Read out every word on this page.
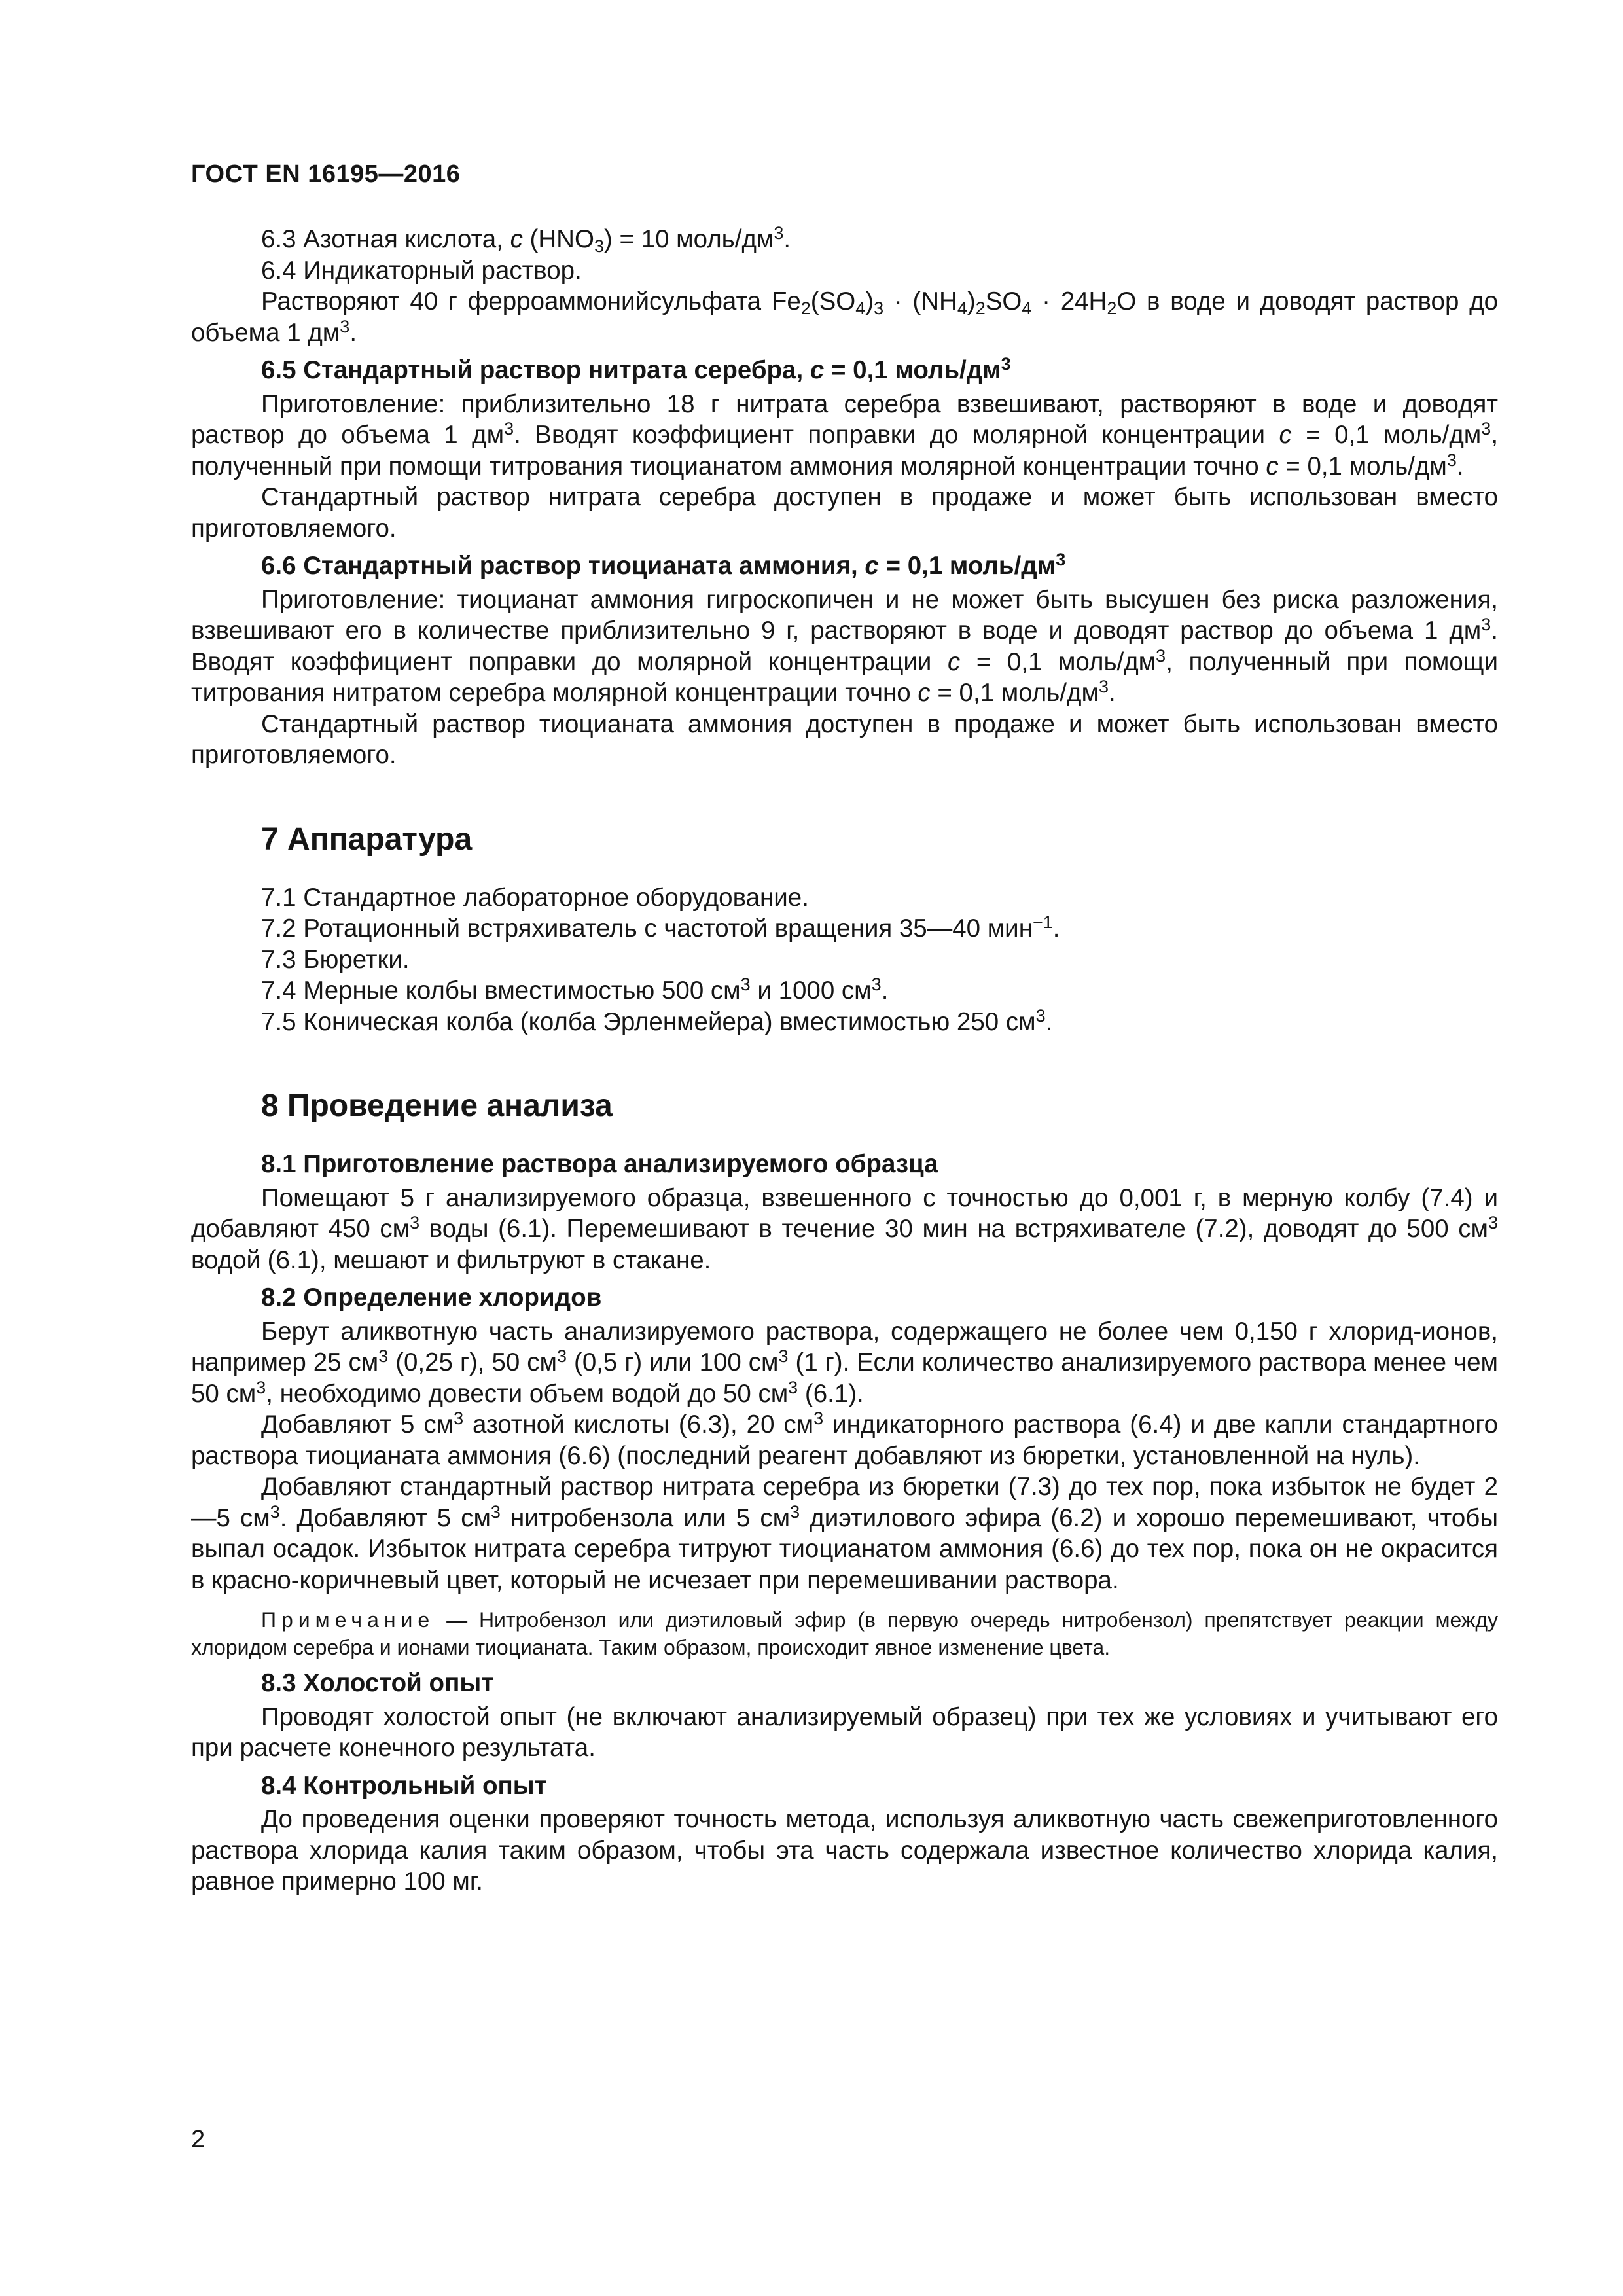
ГОСТ EN 16195—2016

6.3 Азотная кислота, c $(HNO_3) = 10$ моль/$дм^3$.

6.4 Индикаторный раствор.

Растворяют 40 г ферроаммонийсульфата $Fe_2(SO_4)_3 \cdot (NH_4)_2SO_4 \cdot 24H_2O$ в воде и доводят раствор до объема 1 $дм^3$.

6.5 Стандартный раствор нитрата серебра, c = 0,1 моль/$дм^3$

Приготовление: приблизительно 18 г нитрата серебра взвешивают, растворяют в воде и доводят раствор до объема 1 $дм^3$. Вводят коэффициент поправки до молярной концентрации c = 0,1 моль/$дм^3$, полученный при помощи титрования тиоцианатом аммония молярной концентрации точно c = 0,1 моль/$дм^3$.

Стандартный раствор нитрата серебра доступен в продаже и может быть использован вместо приготовляемого.

6.6 Стандартный раствор тиоцианата аммония, c = 0,1 моль/$дм^3$

Приготовление: тиоцианат аммония гигроскопичен и не может быть высушен без риска разложения, взвешивают его в количестве приблизительно 9 г, растворяют в воде и доводят раствор до объема 1 $дм^3$. Вводят коэффициент поправки до молярной концентрации c = 0,1 моль/$дм^3$, полученный при помощи титрования нитратом серебра молярной концентрации точно c = 0,1 моль/$дм^3$.

Стандартный раствор тиоцианата аммония доступен в продаже и может быть использован вместо приготовляемого.

7 Аппаратура

7.1 Стандартное лабораторное оборудование.

7.2 Ротационный встряхиватель с частотой вращения 35—40 мин$^{-1}$.

7.3 Бюретки.

7.4 Мерные колбы вместимостью 500 $см^3$ и 1000 $см^3$.

7.5 Коническая колба (колба Эрленмейера) вместимостью 250 $см^3$.

8 Проведение анализа

8.1 Приготовление раствора анализируемого образца

Помещают 5 г анализируемого образца, взвешенного с точностью до 0,001 г, в мерную колбу (7.4) и добавляют 450 $см^3$ воды (6.1). Перемешивают в течение 30 мин на встряхивателе (7.2), доводят до 500 $см^3$ водой (6.1), мешают и фильтруют в стакане.

8.2 Определение хлоридов

Берут аликвотную часть анализируемого раствора, содержащего не более чем 0,150 г хлорид-ионов, например 25 $см^3$ (0,25 г), 50 $см^3$ (0,5 г) или 100 $см^3$ (1 г). Если количество анализируемого раствора менее чем 50 $см^3$, необходимо довести объем водой до 50 $см^3$ (6.1).

Добавляют 5 $см^3$ азотной кислоты (6.3), 20 $см^3$ индикаторного раствора (6.4) и две капли стандартного раствора тиоцианата аммония (6.6) (последний реагент добавляют из бюретки, установленной на нуль).

Добавляют стандартный раствор нитрата серебра из бюретки (7.3) до тех пор, пока избыток не будет 2—5 $см^3$. Добавляют 5 $см^3$ нитробензола или 5 $см^3$ диэтилового эфира (6.2) и хорошо перемешивают, чтобы выпал осадок. Избыток нитрата серебра титруют тиоцианатом аммония (6.6) до тех пор, пока он не окрасится в красно-коричневый цвет, который не исчезает при перемешивании раствора.

Примечание — Нитробензол или диэтиловый эфир (в первую очередь нитробензол) препятствует реакции между хлоридом серебра и ионами тиоцианата. Таким образом, происходит явное изменение цвета.

8.3 Холостой опыт

Проводят холостой опыт (не включают анализируемый образец) при тех же условиях и учитывают его при расчете конечного результата.

8.4 Контрольный опыт

До проведения оценки проверяют точность метода, используя аликвотную часть свежеприготовленного раствора хлорида калия таким образом, чтобы эта часть содержала известное количество хлорида калия, равное примерно 100 мг.

2
